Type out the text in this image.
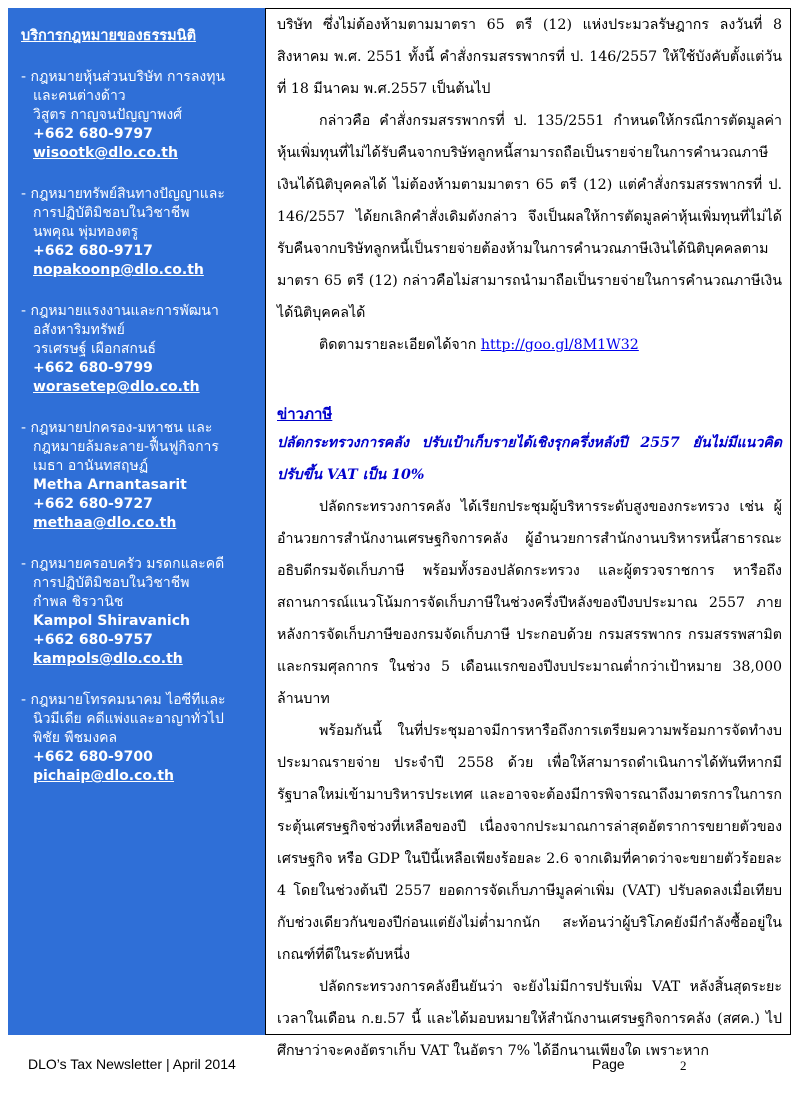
บริการกฎหมายของธรรมนิติ
- กฎหมายหุ้นส่วนบริษัท การลงทุน
และคนต่างด้าว
วิสูตร กาญจนปัญญาพงศ์
+662 680-9797
wisootk@dlo.co.th
- กฎหมายทรัพย์สินทางปัญญาและ
การปฏิบัติมิชอบในวิชาชีพ
นพคุณ พุ่มทองตรู
+662 680-9717
nopakoonp@dlo.co.th
- กฎหมายแรงงานและการพัฒนา
อสังหาริมทรัพย์
วรเศรษฐ์ เผือกสกนธ์
+662 680-9799
worasetep@dlo.co.th
- กฎหมายปกครอง-มหาชน และ
กฎหมายล้มละลาย-ฟื้นฟูกิจการ
เมธา อานันทสฤษฏ์
Metha Arnantasarit
+662 680-9727
methaa@dlo.co.th
- กฎหมายครอบครัว มรดกและคดี
การปฏิบัติมิชอบในวิชาชีพ
กำพล ชิรวานิช
Kampol Shiravanich
+662 680-9757
kampols@dlo.co.th
- กฎหมายโทรคมนาคม ไอซีทีและ
นิวมีเดีย คดีแพ่งและอาญาทั่วไป
พิชัย พืชมงคล
+662 680-9700
pichaip@dlo.co.th

บริษัท ซึ่งไม่ต้องห้ามตามมาตรา 65 ตรี (12) แห่งประมวลรัษฎากร ลงวันที่ 8 สิงหาคม พ.ศ. 2551 ทั้งนี้ คำสั่งกรมสรรพากรที่ ป. 146/2557 ให้ใช้บังคับตั้งแต่วันที่ 18 มีนาคม พ.ศ.2557 เป็นต้นไป

กล่าวคือ คำสั่งกรมสรรพากรที่ ป. 135/2551 กำหนดให้กรณีการตัดมูลค่าหุ้นเพิ่มทุนที่ไม่ได้รับคืนจากบริษัทลูกหนี้สามารถถือเป็นรายจ่ายในการคำนวณภาษีเงินได้นิติบุคคลได้ ไม่ต้องห้ามตามมาตรา 65 ตรี (12) แต่คำสั่งกรมสรรพากรที่ ป. 146/2557 ได้ยกเลิกคำสั่งเดิมดังกล่าว จึงเป็นผลให้การตัดมูลค่าหุ้นเพิ่มทุนที่ไม่ได้รับคืนจากบริษัทลูกหนี้เป็นรายจ่ายต้องห้ามในการคำนวณภาษีเงินได้นิติบุคคลตามมาตรา 65 ตรี (12) กล่าวคือไม่สามารถนำมาถือเป็นรายจ่ายในการคำนวณภาษีเงินได้นิติบุคคลได้

ติดตามรายละเอียดได้จาก http://goo.gl/8M1W32

ข่าวภาษี
ปลัดกระทรวงการคลัง ปรับเป้าเก็บรายได้เชิงรุกครึ่งหลังปี 2557 ยันไม่มีแนวคิดปรับขึ้น VAT เป็น 10%

ปลัดกระทรวงการคลัง ได้เรียกประชุมผู้บริหารระดับสูงของกระทรวง เช่น ผู้อำนวยการสำนักงานเศรษฐกิจการคลัง ผู้อำนวยการสำนักงานบริหารหนี้สาธารณะ อธิบดีกรมจัดเก็บภาษี พร้อมทั้งรองปลัดกระทรวง และผู้ตรวจราชการ หารือถึงสถานการณ์แนวโน้มการจัดเก็บภาษีในช่วงครึ่งปีหลังของปีงบประมาณ 2557 ภายหลังการจัดเก็บภาษีของกรมจัดเก็บภาษี ประกอบด้วย กรมสรรพากร กรมสรรพสามิต และกรมศุลกากร ในช่วง 5 เดือนแรกของปีงบประมาณต่ำกว่าเป้าหมาย 38,000 ล้านบาท

พร้อมกันนี้ ในที่ประชุมอาจมีการหารือถึงการเตรียมความพร้อมการจัดทำงบประมาณรายจ่าย ประจำปี 2558 ด้วย เพื่อให้สามารถดำเนินการได้ทันทีหากมีรัฐบาลใหม่เข้ามาบริหารประเทศ และอาจจะต้องมีการพิจารณาถึงมาตรการในการกระตุ้นเศรษฐกิจช่วงที่เหลือของปี เนื่องจากประมาณการล่าสุดอัตราการขยายตัวของเศรษฐกิจ หรือ GDP ในปีนี้เหลือเพียงร้อยละ 2.6 จากเดิมที่คาดว่าจะขยายตัวร้อยละ 4 โดยในช่วงต้นปี 2557 ยอดการจัดเก็บภาษีมูลค่าเพิ่ม (VAT) ปรับลดลงเมื่อเทียบกับช่วงเดียวกันของปีก่อนแต่ยังไม่ต่ำมากนัก สะท้อนว่าผู้บริโภคยังมีกำลังซื้ออยู่ในเกณฑ์ที่ดีในระดับหนึ่ง

ปลัดกระทรวงการคลังยืนยันว่า จะยังไม่มีการปรับเพิ่ม VAT หลังสิ้นสุดระยะเวลาในเดือน ก.ย.57 นี้ และได้มอบหมายให้สำนักงานเศรษฐกิจการคลัง (สศค.) ไปศึกษาว่าจะคงอัตราเก็บ VAT ในอัตรา 7% ได้อีกนานเพียงใด เพราะหาก

DLO’s Tax Newsletter | April 2014	Page	2
